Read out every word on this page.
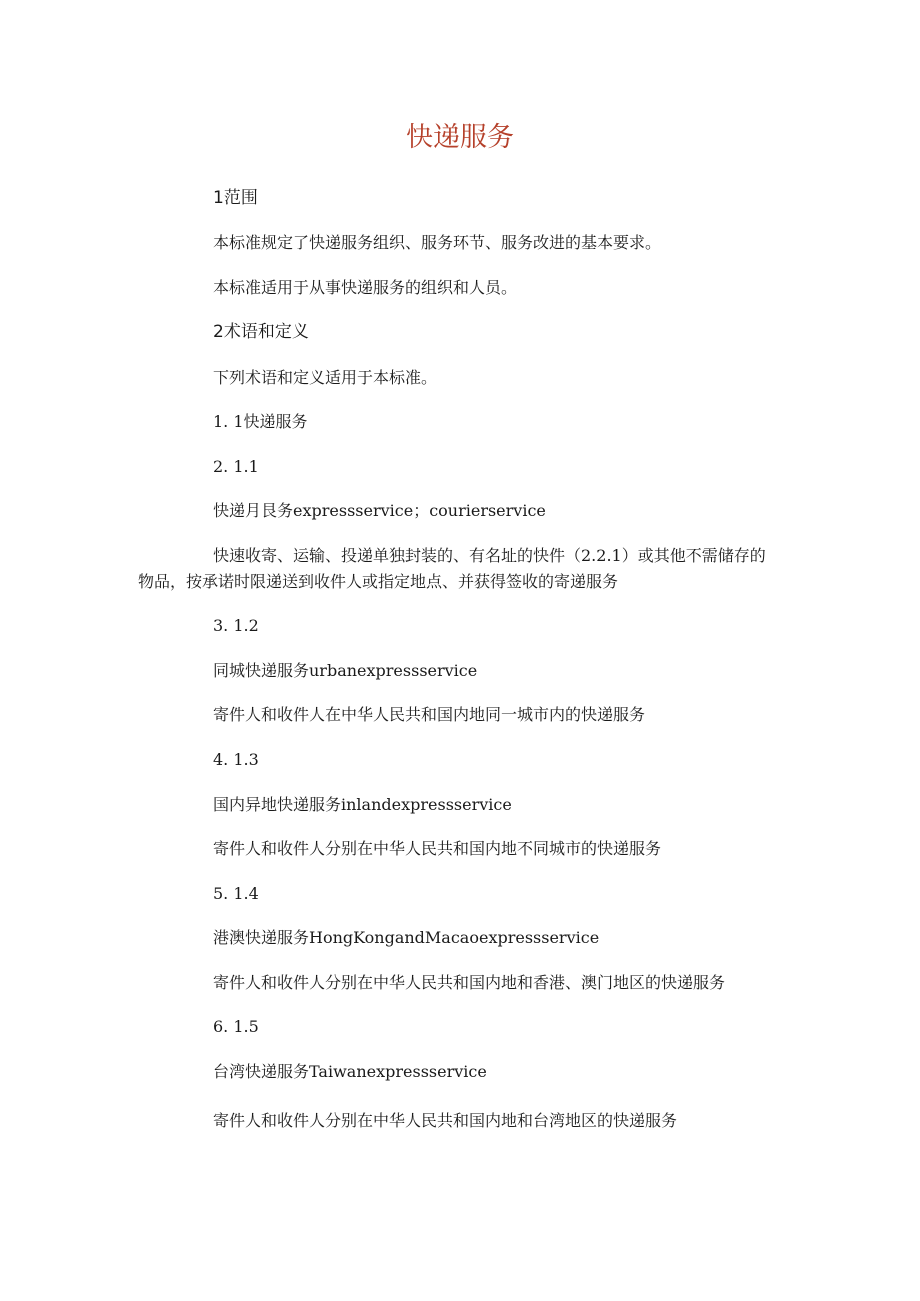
快递服务
1范围
本标准规定了快递服务组织、服务环节、服务改进的基本要求。
本标准适用于从事快递服务的组织和人员。
2术语和定义
下列术语和定义适用于本标准。
1. 1快递服务
2. 1.1
快递月艮务expressservice；courierservice
快速收寄、运输、投递单独封装的、有名址的快件（2.2.1）或其他不需储存的物品，按承诺时限递送到收件人或指定地点、并获得签收的寄递服务
3. 1.2
同城快递服务urbanexpressservice
寄件人和收件人在中华人民共和国内地同一城市内的快递服务
4. 1.3
国内异地快递服务inlandexpressservice
寄件人和收件人分别在中华人民共和国内地不同城市的快递服务
5. 1.4
港澳快递服务HongKongandMacaoexpressservice
寄件人和收件人分别在中华人民共和国内地和香港、澳门地区的快递服务
6. 1.5
台湾快递服务Taiwanexpressservice
寄件人和收件人分别在中华人民共和国内地和台湾地区的快递服务
